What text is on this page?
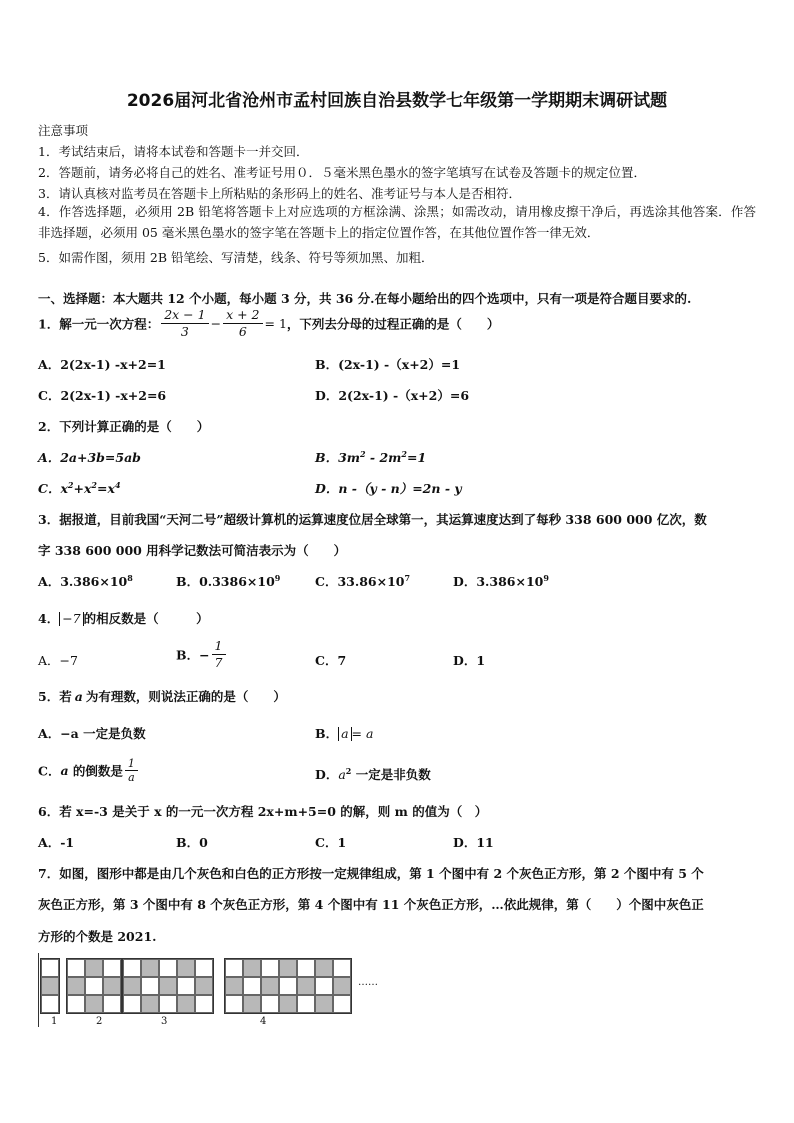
2026届河北省沧州市孟村回族自治县数学七年级第一学期期末调研试题
注意事项
1．考试结束后，请将本试卷和答题卡一并交回．
2．答题前，请务必将自己的姓名、准考证号用０．５毫米黑色墨水的签字笔填写在试卷及答题卡的规定位置．
3．请认真核对监考员在答题卡上所粘贴的条形码上的姓名、准考证号与本人是否相符．
4．作答选择题，必须用 2B 铅笔将答题卡上对应选项的方框涂满、涂黑；如需改动，请用橡皮擦干净后，再选涂其他答案．作答非选择题，必须用 05 毫米黑色墨水的签字笔在答题卡上的指定位置作答，在其他位置作答一律无效．
5．如需作图，须用 2B 铅笔绘、写清楚，线条、符号等须加黑、加粗．
一、选择题：本大题共 12 个小题，每小题 3 分，共 36 分.在每小题给出的四个选项中，只有一项是符合题目要求的.
1．解一元一次方程： $\frac{2x - 1}{3} - \frac{x + 2}{6} = 1$，下列去分母的过程正确的是（　　）
A．2(2x-1) -x+2=1	B．(2x-1) -（x+2）=1
C．2(2x-1) -x+2=6	D．2(2x-1) -（x+2）=6
2．下列计算正确的是（　　）
A．2a+3b=5ab	B．$3m^2 - 2m^2=1$
C．$x^2+x^2=x^4$	D．n -（y - n）=2n - y
3．据报道，目前我国“天河二号”超级计算机的运算速度位居全球第一，其运算速度达到了每秒 338 600 000 亿次，数
字 338 600 000 用科学记数法可简洁表示为（　　）
A．$3.386\times 10^8$	B．$0.3386\times 10^9$	C．$33.86\times 10^7$	D．$3.386\times 10^9$
4． −7 的相反数是（　　　）
A．−7	B．− $\frac{1}{7}$	C．7	D．1
5．若 a 为有理数，则说法正确的是（　　）
A．−a 一定是负数	B． a = a
C．a 的倒数是 $\frac{1}{a}$	D．$a^2$ 一定是非负数
6．若 x=-3 是关于 x 的一元一次方程 2x+m+5=0 的解，则 m 的值为（　）
A．-1	B．0	C．1	D．11
7．如图，图形中都是由几个灰色和白色的正方形按一定规律组成，第 1 个图中有 2 个灰色正方形，第 2 个图中有 5 个
灰色正方形，第 3 个图中有 8 个灰色正方形，第 4 个图中有 11 个灰色正方形，…依此规律，第（　　）个图中灰色正
方形的个数是 2021.
1	2	3	4
……
